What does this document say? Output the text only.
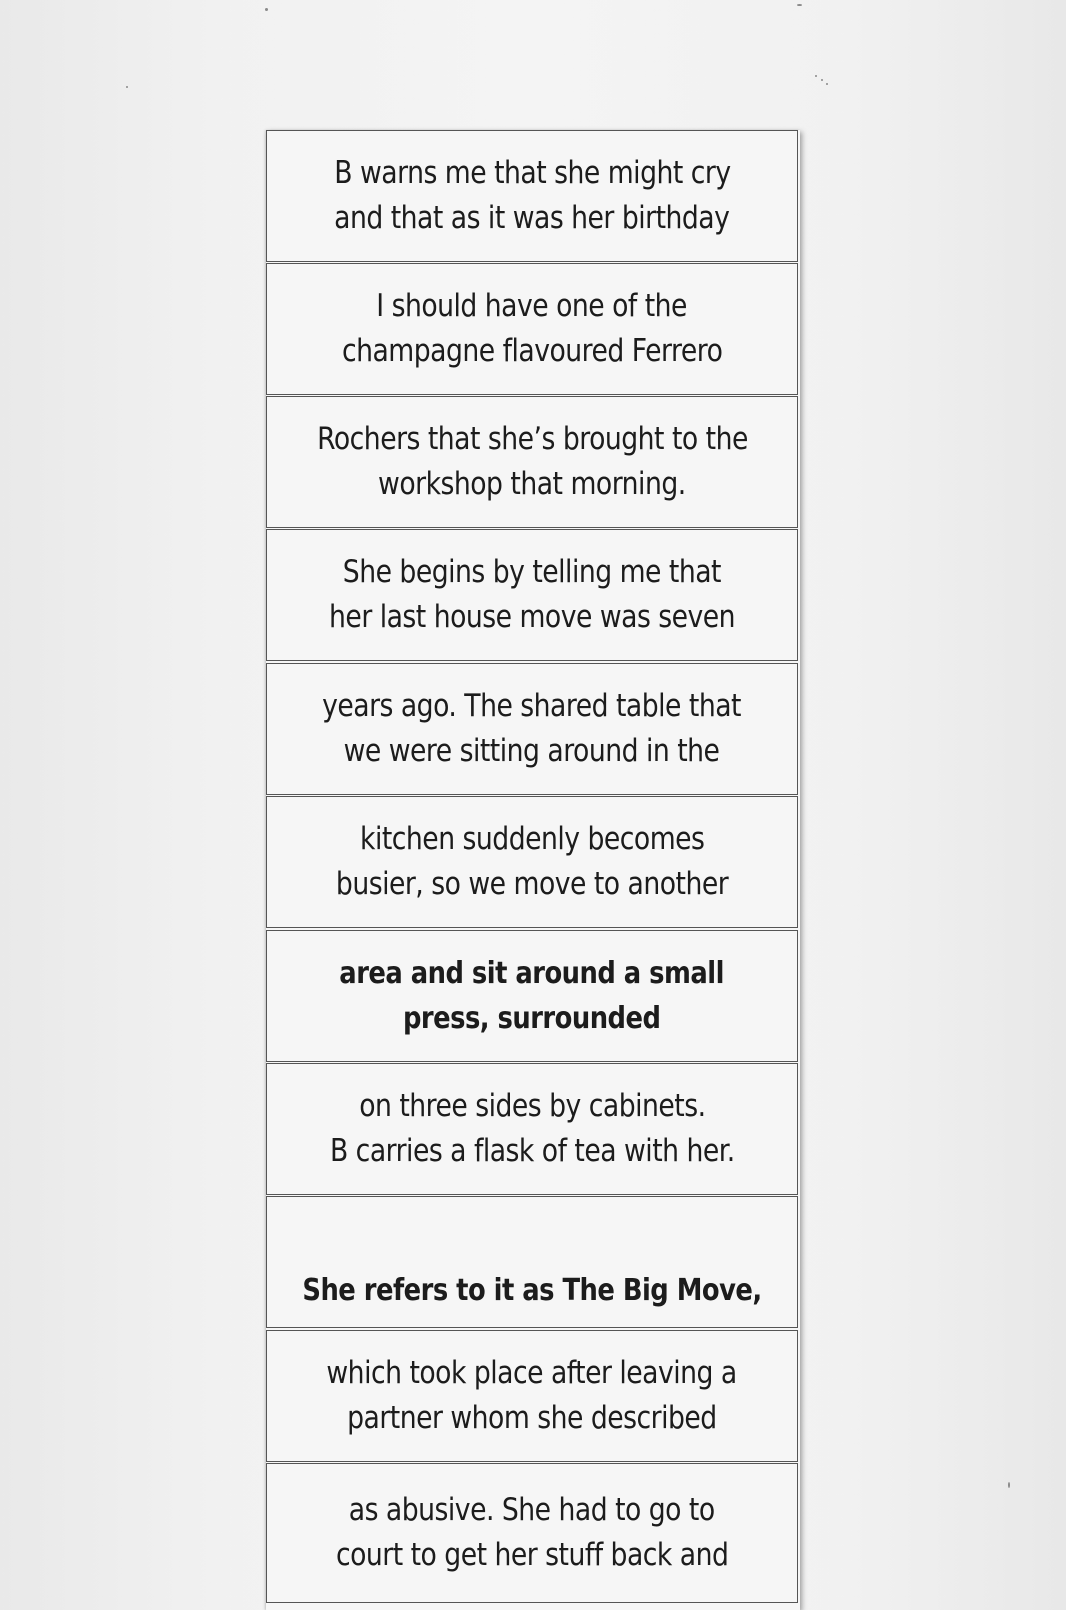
B warns me that she might cry
and that as it was her birthday
I should have one of the
champagne flavoured Ferrero
Rochers that she’s brought to the
workshop that morning.
She begins by telling me that
her last house move was seven
years ago. The shared table that
we were sitting around in the
kitchen suddenly becomes
busier, so we move to another
area and sit around a small
press, surrounded
on three sides by cabinets.
B carries a flask of tea with her.
She refers to it as The Big Move,
which took place after leaving a
partner whom she described
as abusive. She had to go to
court to get her stuff back and
